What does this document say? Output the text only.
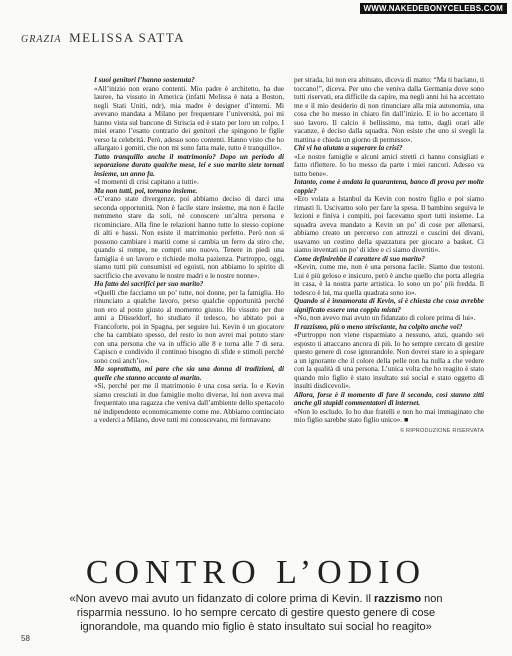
WWW.NAKEDEBONYCELEBS.COM
GRAZIA MELISSA SATTA

I suoi genitori l’hanno sostenuta?

«All’inizio non erano contenti. Mio padre è architetto, ha due lauree, ha vissuto in America (infatti Melissa è nata a Boston, negli Stati Uniti, ndr), mia madre è designer d’interni. Mi avevano mandata a Milano per frequentare l’università, poi mi hanno vista sul bancone di Striscia ed è stato per loro un colpo. I miei erano l’esatto contrario dei genitori che spingono le figlie verso la celebrità. Però, adesso sono contenti. Hanno visto che ho allargato i gomiti, che non mi sono fatta male, tutto è tranquillo».

Tutto tranquillo anche il matrimonio? Dopo un periodo di separazione durato qualche mese, lei e suo marito siete tornati insieme, un anno fa.

«I momenti di crisi capitano a tutti».

Ma non tutti, poi, tornano insieme.

«C’erano state divergenze, poi abbiamo deciso di darci una seconda opportunità. Non è facile stare insieme, ma non è facile nemmeno stare da soli, né conoscere un’altra persona e ricominciare. Alla fine le relazioni hanno tutte lo stesso copione di alti e bassi. Non esiste il matrimonio perfetto. Però non si possono cambiare i mariti come si cambia un ferro da stiro che, quando si rompe, ne compri uno nuovo. Tenere in piedi una famiglia è un lavoro e richiede molta pazienza. Purtroppo, oggi, siamo tutti più consumisti ed egoisti, non abbiamo lo spirito di sacrificio che avevano le nostre madri e le nostre nonne».

Ha fatto dei sacrifici per suo marito?

«Quelli che facciamo un po’ tutte, noi donne, per la famiglia. Ho rinunciato a qualche lavoro, perso qualche opportunità perché non ero al posto giusto al momento giusto. Ho vissuto per due anni a Düsseldorf, ho studiato il tedesco, ho abitato poi a Francoforte, poi in Spagna, per seguire lui. Kevin è un giocatore che ha cambiato spesso, del resto io non avrei mai potuto stare con una persona che va in ufficio alle 8 e torna alle 7 di sera. Capisco e condivido il continuo bisogno di sfide e stimoli perché sono così anch’io».

Ma soprattutto, mi pare che sia una donna di tradizioni, di quelle che stanno accanto al marito.

«Sì, perché per me il matrimonio è una cosa seria. Io e Kevin siamo cresciuti in due famiglie molto diverse, lui non aveva mai frequentato una ragazza che veniva dall’ambiente dello spettacolo né indipendente economicamente come me. Abbiamo cominciato a vederci a Milano, dove tutti mi conoscevano, mi fermavano

per strada, lui non era abituato, diceva di matto: “Ma ti baciano, ti toccano!”, diceva. Per uno che veniva dalla Germania dove sono tutti riservati, era difficile da capire, ma negli anni lui ha accettato me e il mio desiderio di non rinunciare alla mia autonomia, una cosa che ho messo in chiaro fin dall’inizio. E io ho accettato il suo lavoro. Il calcio è bellissimo, ma tutto, dagli orari alle vacanze, è deciso dalla squadra. Non esiste che uno si svegli la mattina e chieda un giorno di permesso».

Chi vi ha aiutato a superare la crisi?

«Le nostre famiglie e alcuni amici stretti ci hanno consigliati e fatto riflettere. Io ho messo da parte i miei rancori. Adesso va tutto bene».

Intanto, come è andata la quarantena, banco di prova per molte coppie?

«Ero volata a Istanbul da Kevin con nostro figlio e poi siamo rimasti lì. Uscivamo solo per fare la spesa. Il bambino seguiva le lezioni e finiva i compiti, poi facevamo sport tutti insieme. La squadra aveva mandato a Kevin un po’ di cose per allenarsi, abbiamo creato un percorso con attrezzi e cuscini dei divani, usavamo un cestino della spazzatura per giocare a basket. Ci siamo inventati un po’ di idee e ci siamo divertiti».

Come definirebbe il carattere di suo marito?

«Kevin, come me, non è una persona facile. Siamo due testoni. Lui è più geloso e insicuro, però è anche quello che porta allegria in casa, è la nostra parte artistica. Io sono un po’ più fredda. Il tedesco è lui, ma quella quadrata sono io».

Quando si è innamorata di Kevin, si è chiesta che cosa avrebbe significato essere una coppia mista?

«No, non avevo mai avuto un fidanzato di colore prima di lui».

Il razzismo, più o meno strisciante, ha colpito anche voi?

«Purtroppo non viene risparmiato a nessuno, anzi, quando sei esposto ti attaccano ancora di più. Io ho sempre cercato di gestire questo genere di cose ignorandole. Non dovrei stare io a spiegare a un ignorante che il colore della pelle non ha nulla a che vedere con la qualità di una persona. L’unica volta che ho reagito è stato quando mio figlio è stato insultato sui social e stato oggetto di insulti disdicevoli».

Allora, forse è il momento di fare il secondo, così stanno zitti anche gli stupidi commentatori di internet.

«Non lo escludo. Io ho due fratelli e non ho mai immaginato che mio figlio sarebbe stato figlio unico». ■

© RIPRODUZIONE RISERVATA
CONTRO L’ODIO
«Non avevo mai avuto un fidanzato di colore prima di Kevin. Il razzismo non risparmia nessuno. Io ho sempre cercato di gestire questo genere di cose ignorandole, ma quando mio figlio è stato insultato sui social ho reagito»
58
